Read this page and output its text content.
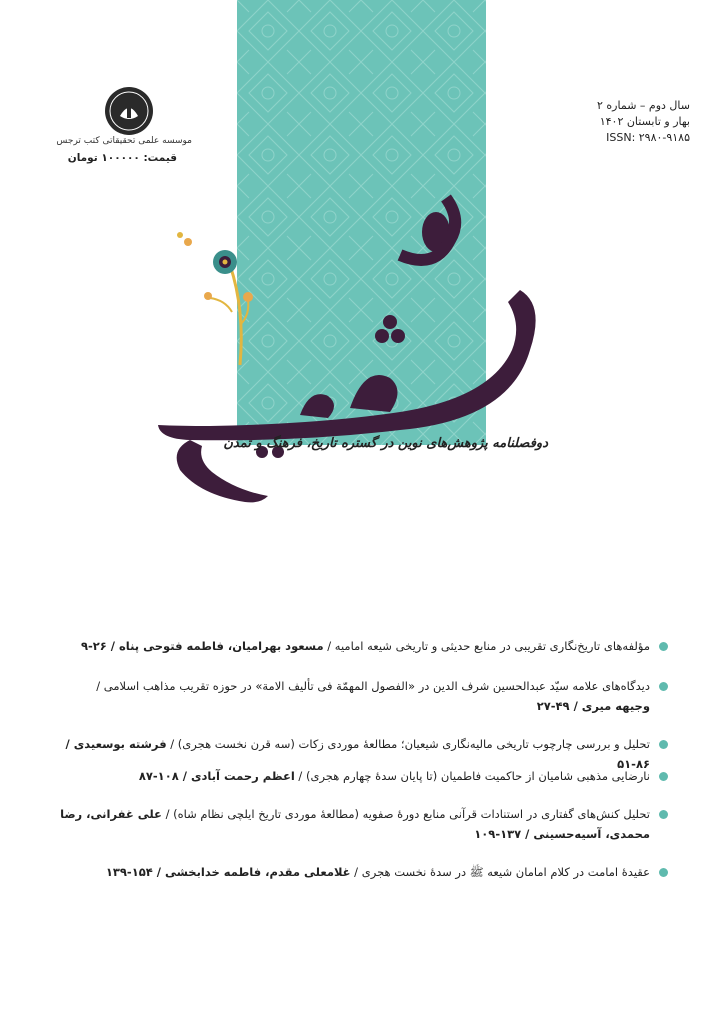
سال دوم – شماره ۲
بهار و تابستان ۱۴۰۲
ISSN: ۲۹۸۰-۹۱۸۵
موسسه علمی تحقیقاتی کتب ترجس
قیمت: ۱۰۰۰۰۰ تومان
شیعه
دوفصلنامه پژوهش‌های نوین در گستره تاریخ، فرهنگ و تمدن
مؤلفه‌های تاریخ‌نگاری تقریبی در منابع حدیثی و تاریخی شیعه امامیه / مسعود بهرامیان، فاطمه فتوحی پناه / ۲۶-۹
دیدگاه‌های علامه سیّد عبدالحسین شرف الدین در «الفصول المهمّة فی تألیف الامة» در حوزه تقریب مذاهب اسلامی / وجیهه میری / ۴۹-۲۷
تحلیل و بررسی چارچوب تاریخی مالیه‌نگاری شیعیان؛ مطالعهٔ موردی زکات (سه قرن نخست هجری) / فرشته بوسعیدی / ۸۶-۵۱
نارضایی مذهبی شامیان از حاکمیت فاطمیان (تا پایان سدهٔ چهارم هجری) / اعظم رحمت آبادی / ۱۰۸-۸۷
تحلیل کنش‌های گفتاری در استنادات قرآنی منابع دورهٔ صفویه (مطالعهٔ موردی تاریخ ایلچی نظام شاه) / علی غفرانی، رضا محمدی، آسیه‌حسینی / ۱۳۷-۱۰۹
عقیدهٔ امامت در کلام امامان شیعه ﷺ در سدهٔ نخست هجری / غلامعلی مقدم، فاطمه خدابخشی / ۱۵۴-۱۳۹
